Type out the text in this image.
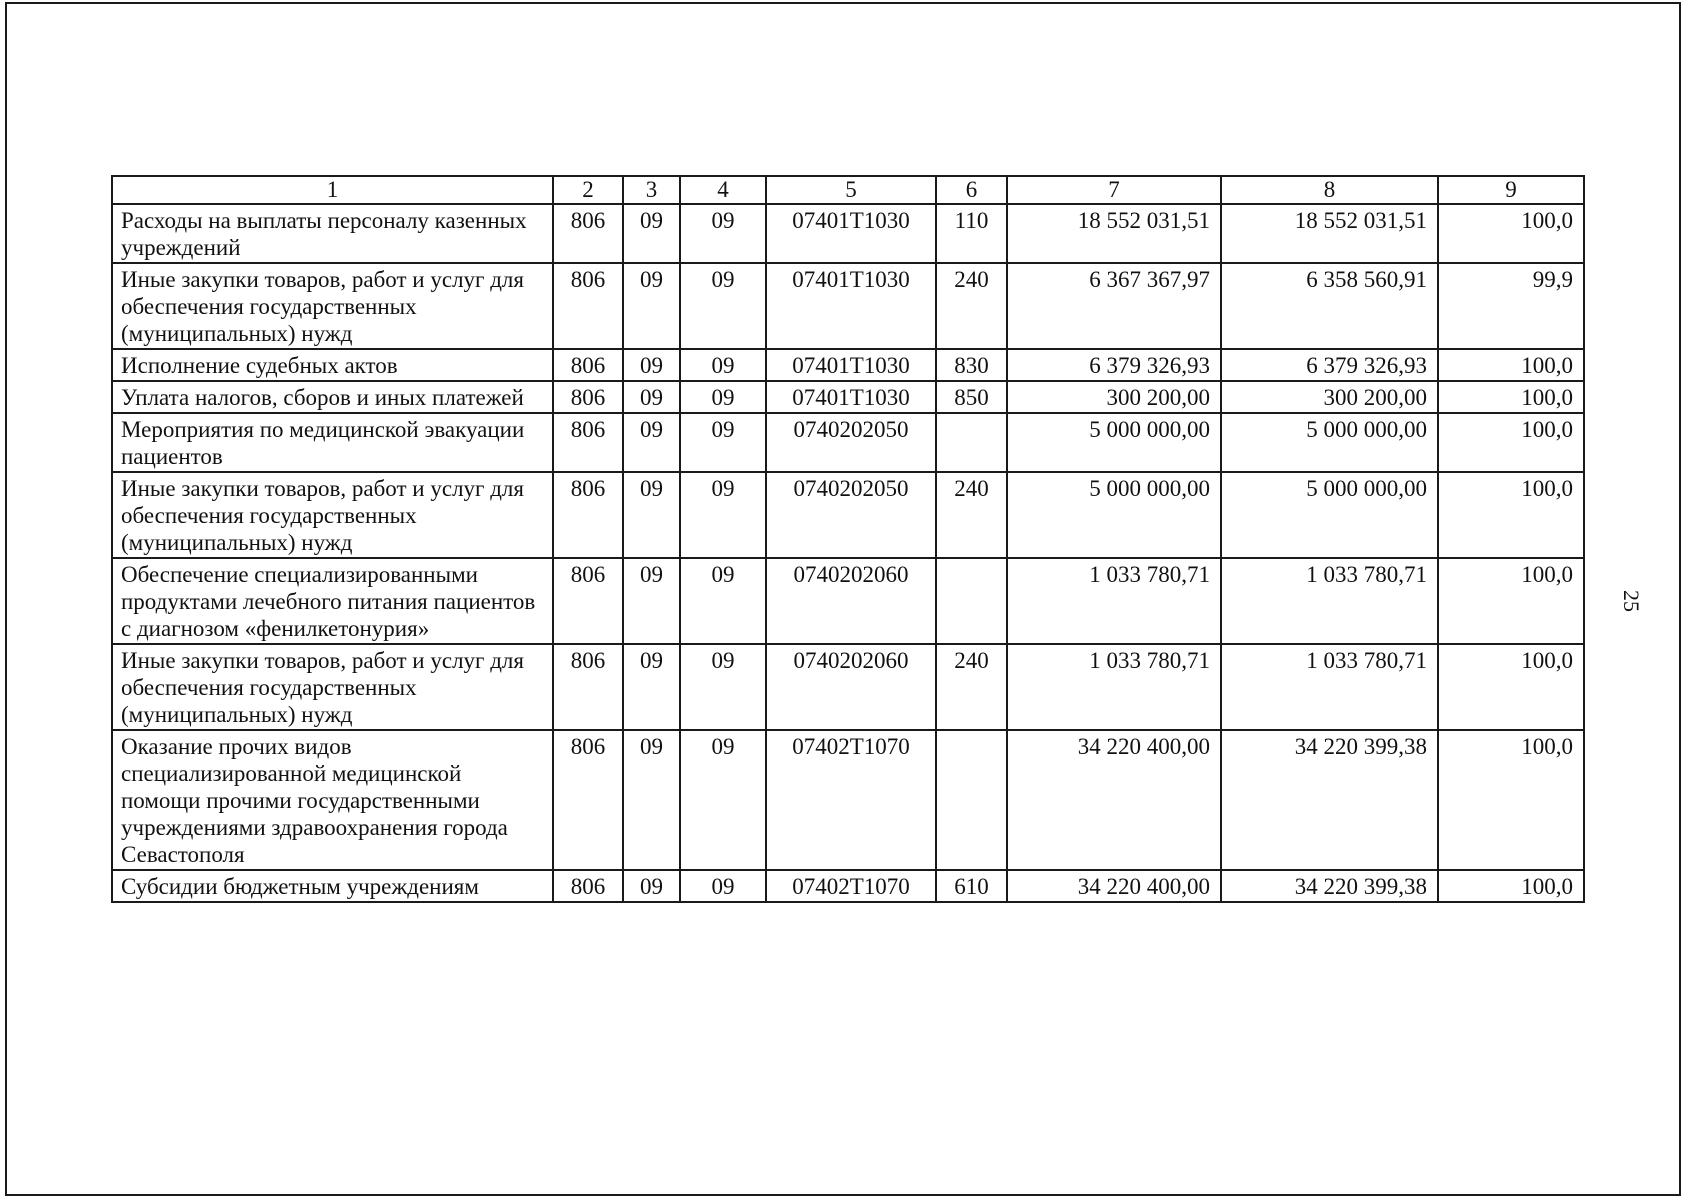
1	2	3	4	5	6	7	8	9
Расходы на выплаты персоналу казенных учреждений	806	09	09	07401Т1030	110	18 552 031,51	18 552 031,51	100,0
Иные закупки товаров, работ и услуг для обеспечения государственных (муниципальных) нужд	806	09	09	07401Т1030	240	6 367 367,97	6 358 560,91	99,9
Исполнение судебных актов	806	09	09	07401Т1030	830	6 379 326,93	6 379 326,93	100,0
Уплата налогов, сборов и иных платежей	806	09	09	07401Т1030	850	300 200,00	300 200,00	100,0
Мероприятия по медицинской эвакуации пациентов	806	09	09	0740202050		5 000 000,00	5 000 000,00	100,0
Иные закупки товаров, работ и услуг для обеспечения государственных (муниципальных) нужд	806	09	09	0740202050	240	5 000 000,00	5 000 000,00	100,0
Обеспечение специализированными продуктами лечебного питания пациентов с диагнозом «фенилкетонурия»	806	09	09	0740202060		1 033 780,71	1 033 780,71	100,0
Иные закупки товаров, работ и услуг для обеспечения государственных (муниципальных) нужд	806	09	09	0740202060	240	1 033 780,71	1 033 780,71	100,0
Оказание прочих видов специализированной медицинской помощи прочими государственными учреждениями здравоохранения города Севастополя	806	09	09	07402Т1070		34 220 400,00	34 220 399,38	100,0
Субсидии бюджетным учреждениям	806	09	09	07402Т1070	610	34 220 400,00	34 220 399,38	100,0
25
